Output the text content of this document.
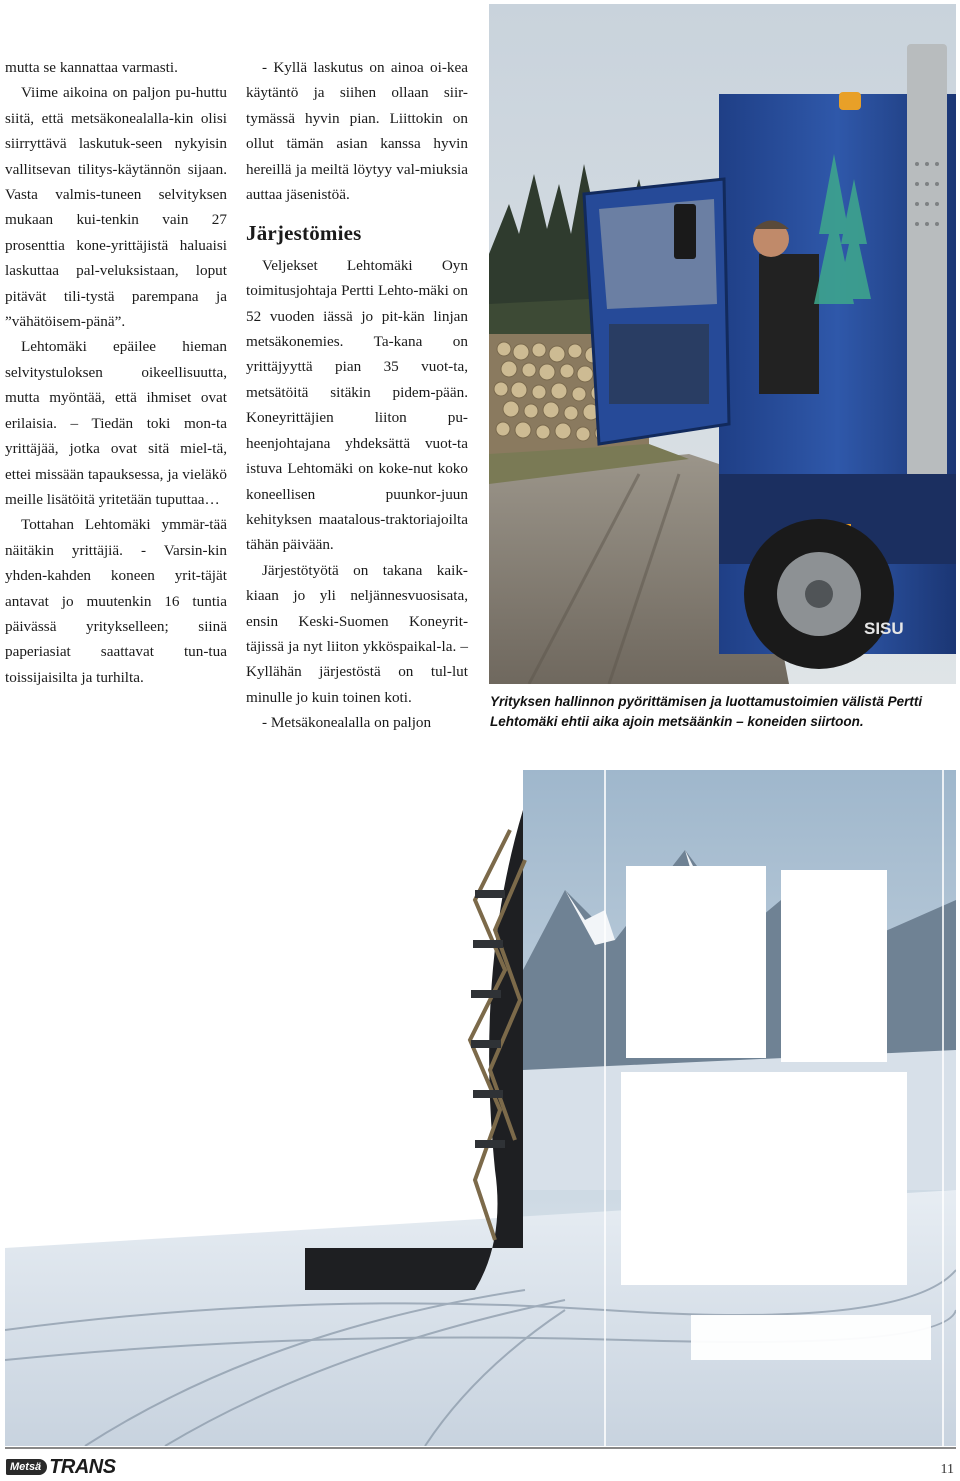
mutta se kannattaa varmasti.

Viime aikoina on paljon pu-huttu siitä, että metsäkonealalla-kin olisi siirryttävä laskutuk-seen nykyisin vallitsevan tilitys-käytännön sijaan. Vasta valmis-tuneen selvityksen mukaan kui-tenkin vain 27 prosenttia kone-yrittäjistä haluaisi laskuttaa pal-veluksistaan, loput pitävät tili-tystä parempana ja ”vähätöisem-pänä”.

Lehtomäki epäilee hieman selvitystuloksen oikeellisuutta, mutta myöntää, että ihmiset ovat erilaisia. – Tiedän toki mon-ta yrittäjää, jotka ovat sitä miel-tä, ettei missään tapauksessa, ja vieläkö meille lisätöitä yritetään tuputtaa…

Tottahan Lehtomäki ymmär-tää näitäkin yrittäjiä. - Varsin-kin yhden-kahden koneen yrit-täjät antavat jo muutenkin 16 tuntia päivässä yritykselleen; siinä paperiasiat saattavat tun-tua toissijaisilta ja turhilta.

- Kyllä laskutus on ainoa oi-kea käytäntö ja siihen ollaan siir-tymässä hyvin pian. Liittokin on ollut tämän asian kanssa hyvin hereillä ja meiltä löytyy val-miuksia auttaa jäsenistöä.

Järjestömies

Veljekset Lehtomäki Oyn toimitusjohtaja Pertti Lehto-mäki on 52 vuoden iässä jo pit-kän linjan metsäkonemies. Ta-kana on yrittäjyyttä pian 35 vuot-ta, metsätöitä sitäkin pidem-pään. Koneyrittäjien liiton pu-heenjohtajana yhdeksättä vuot-ta istuva Lehtomäki on koke-nut koko koneellisen puunkor-juun kehityksen maatalous-traktoriajoilta tähän päivään.

Järjestötyötä on takana kaik-kiaan jo yli neljännesvuosisata, ensin Keski-Suomen Koneyrit-täjissä ja nyt liiton ykköspaikal-la. – Kyllähän järjestöstä on tul-lut minulle jo kuin toinen koti.

- Metsäkonealalla on paljon

SISU
Yrityksen hallinnon pyörittämisen ja luottamustoimien välistä Pertti Lehtomäki ehtii aika ajoin metsäänkin – koneiden siirtoon.
Metsä TRANS	11
